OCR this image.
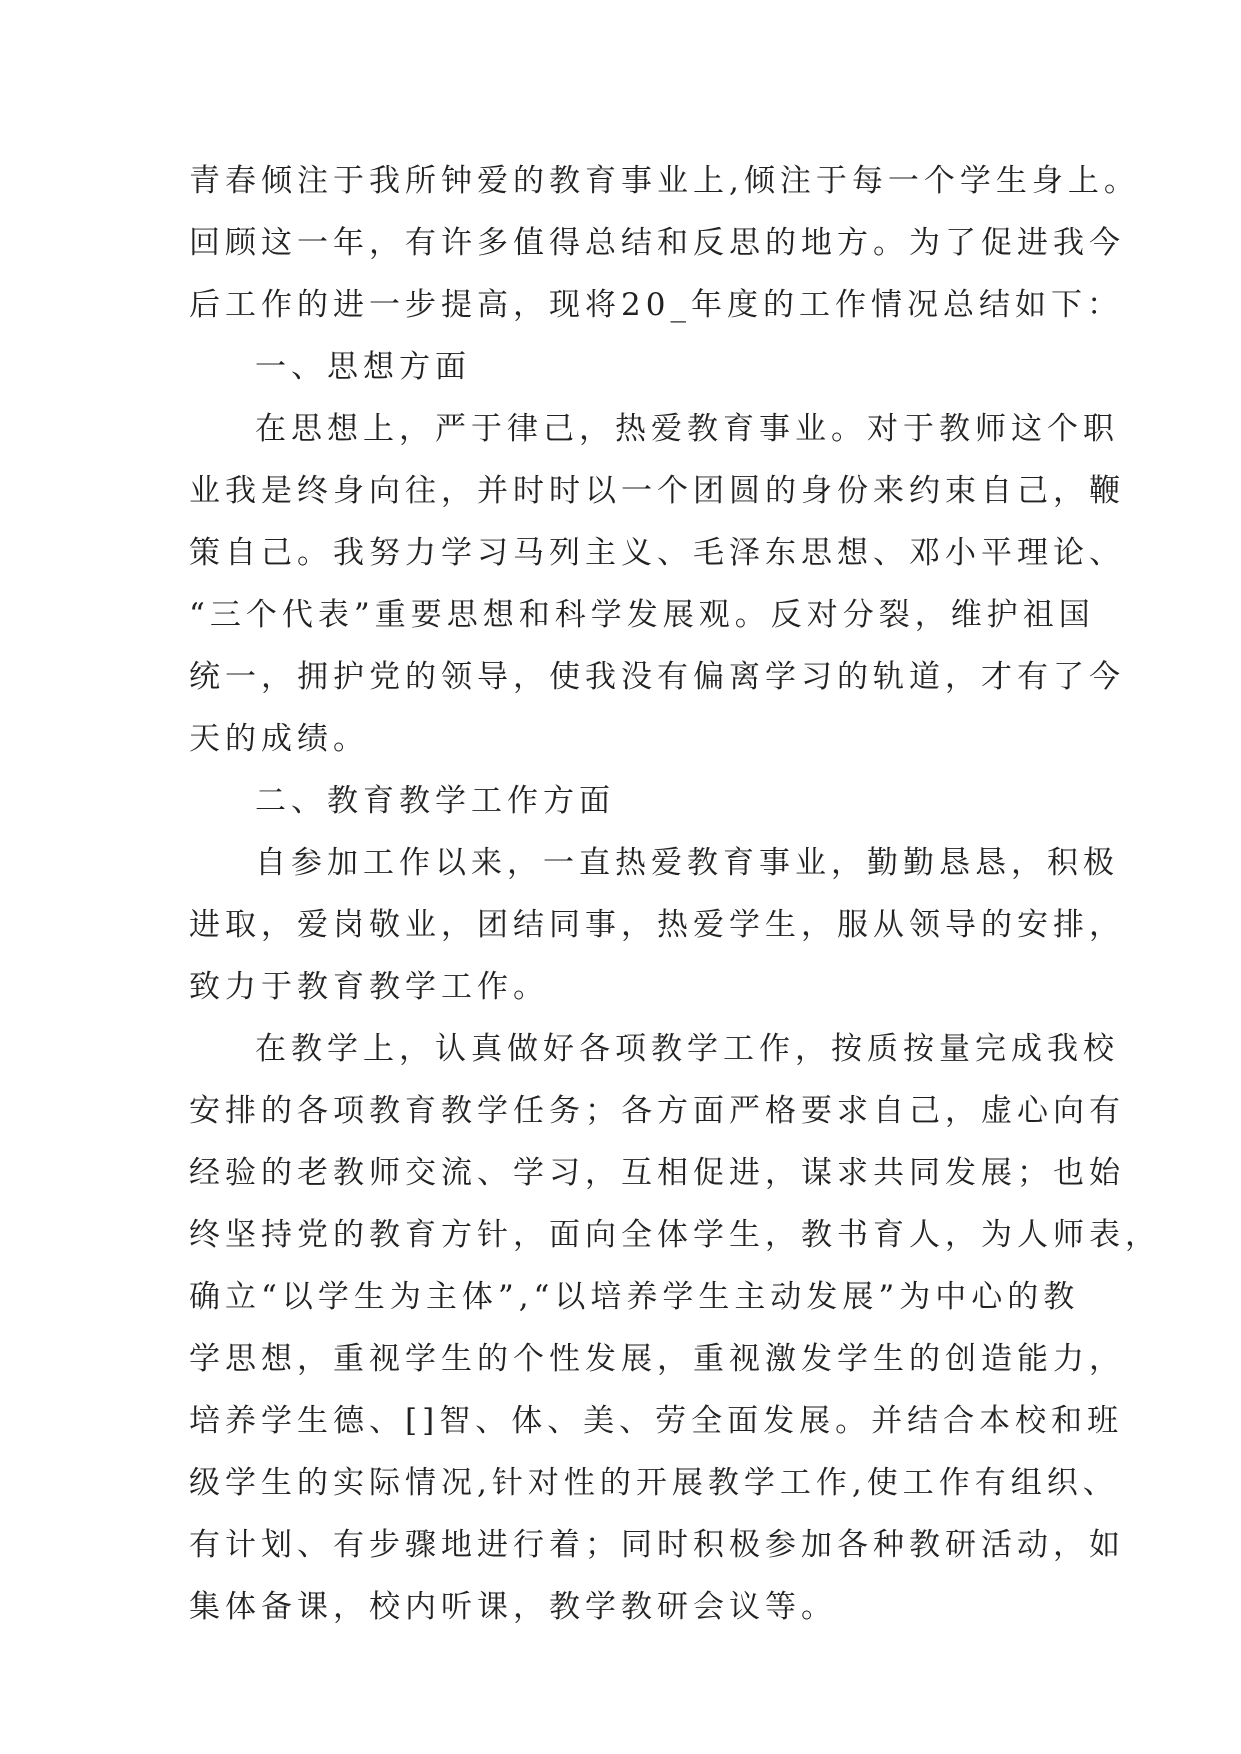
青春倾注于我所钟爱的教育事业上,倾注于每一个学生身上。
回顾这一年，有许多值得总结和反思的地方。为了促进我今
后工作的进一步提高，现将20_年度的工作情况总结如下：
一、思想方面
在思想上，严于律己，热爱教育事业。对于教师这个职
业我是终身向往，并时时以一个团圆的身份来约束自己，鞭
策自己。我努力学习马列主义、毛泽东思想、邓小平理论、
“三个代表”重要思想和科学发展观。反对分裂，维护祖国
统一，拥护党的领导，使我没有偏离学习的轨道，才有了今
天的成绩。
二、教育教学工作方面
自参加工作以来，一直热爱教育事业，勤勤恳恳，积极
进取，爱岗敬业，团结同事，热爱学生，服从领导的安排，
致力于教育教学工作。
在教学上，认真做好各项教学工作，按质按量完成我校
安排的各项教育教学任务；各方面严格要求自己，虚心向有
经验的老教师交流、学习，互相促进，谋求共同发展；也始
终坚持党的教育方针，面向全体学生，教书育人，为人师表，
确立“以学生为主体”,“以培养学生主动发展”为中心的教
学思想，重视学生的个性发展，重视激发学生的创造能力，
培养学生德、[]智、体、美、劳全面发展。并结合本校和班
级学生的实际情况,针对性的开展教学工作,使工作有组织、
有计划、有步骤地进行着；同时积极参加各种教研活动，如
集体备课，校内听课，教学教研会议等。
